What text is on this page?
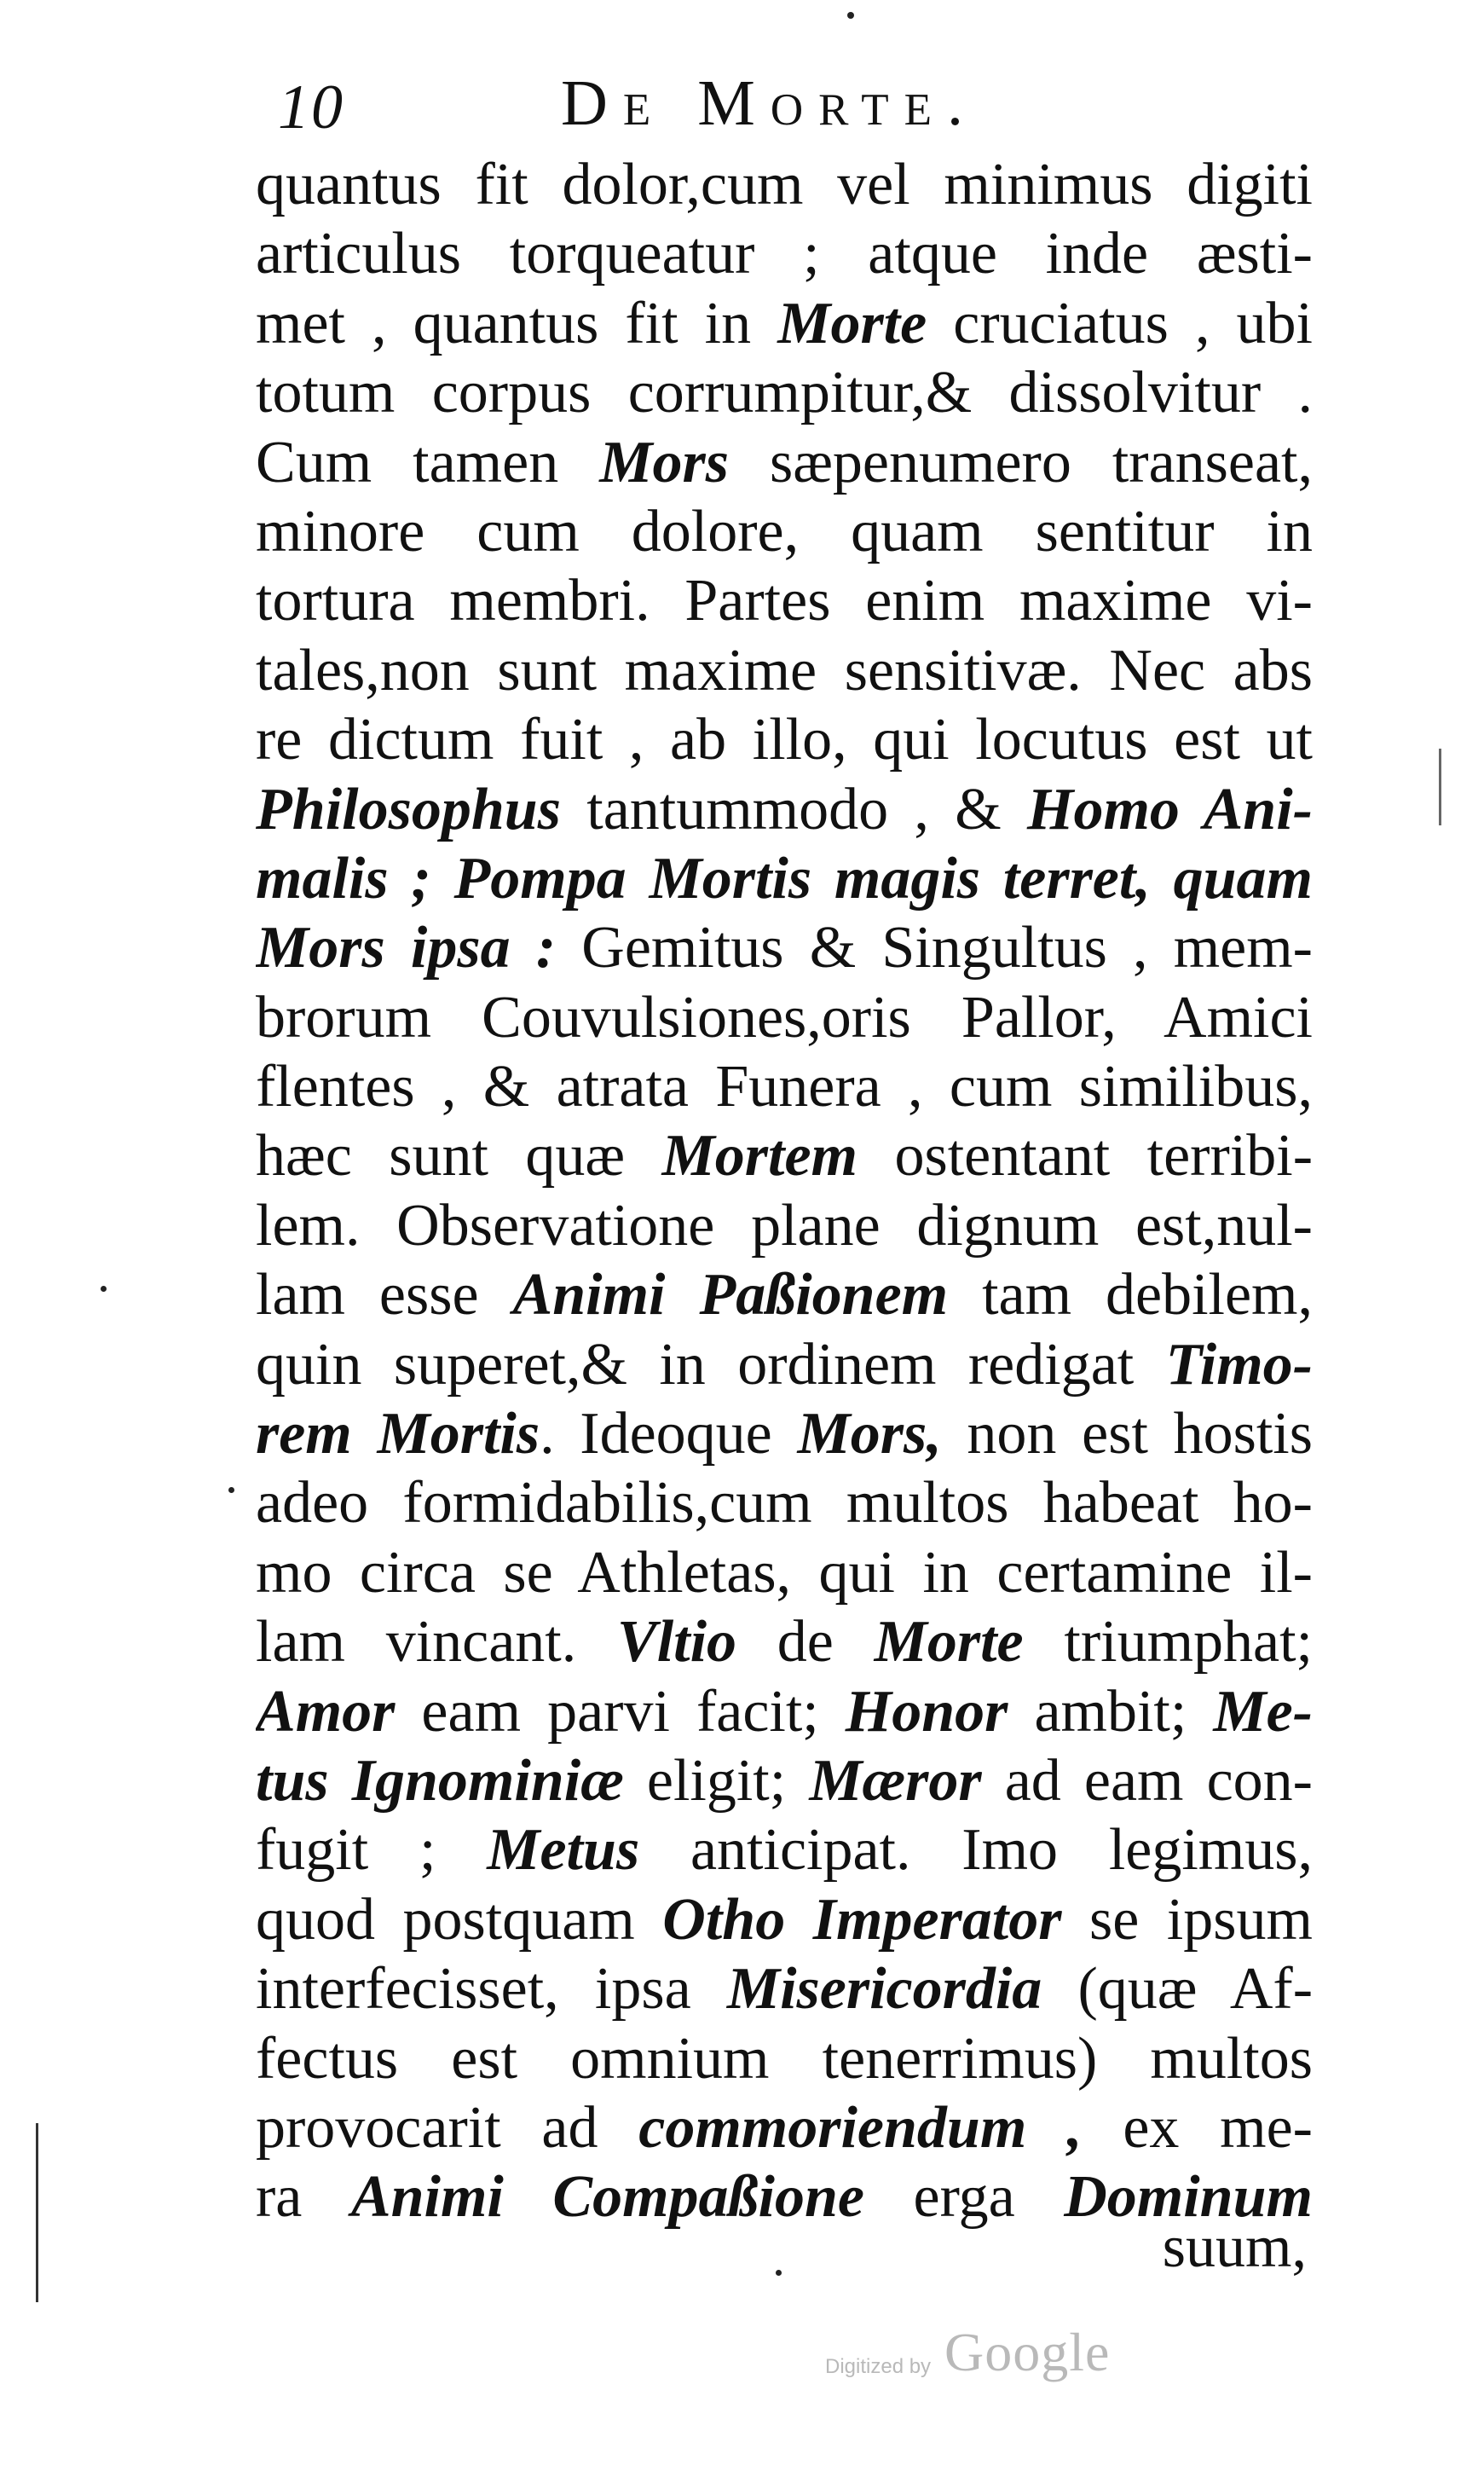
10	De Morte.
quantus fit dolor,cum vel minimus digiti
articulus torqueatur ; atque inde æsti-
met , quantus fit in Morte cruciatus , ubi
totum corpus corrumpitur,& dissolvitur .
Cum tamen Mors sæpenumero transeat,
minore cum dolore, quam sentitur in
tortura membri. Partes enim maxime vi-
tales,non sunt maxime sensitivæ. Nec abs
re dictum fuit , ab illo, qui locutus est ut
Philosophus tantummodo , & Homo Ani-
malis ; Pompa Mortis magis terret, quam
Mors ipsa : Gemitus & Singultus , mem-
brorum Couvulsiones,oris Pallor, Amici
flentes , & atrata Funera , cum similibus,
hæc sunt quæ Mortem ostentant terribi-
lem. Observatione plane dignum est,nul-
lam esse Animi Paßionem tam debilem,
quin superet,& in ordinem redigat Timo-
rem Mortis. Ideoque Mors, non est hostis
adeo formidabilis,cum multos habeat ho-
mo circa se Athletas, qui in certamine il-
lam vincant. Vltio de Morte triumphat;
Amor eam parvi facit; Honor ambit; Me-
tus Ignominiæ eligit; Mæror ad eam con-
fugit ; Metus anticipat. Imo legimus,
quod postquam Otho Imperator se ipsum
interfecisset, ipsa Misericordia (quæ Af-
fectus est omnium tenerrimus) multos
provocarit ad commoriendum , ex me-
ra Animi Compaßione erga Dominum
suum,
Digitized by Google
